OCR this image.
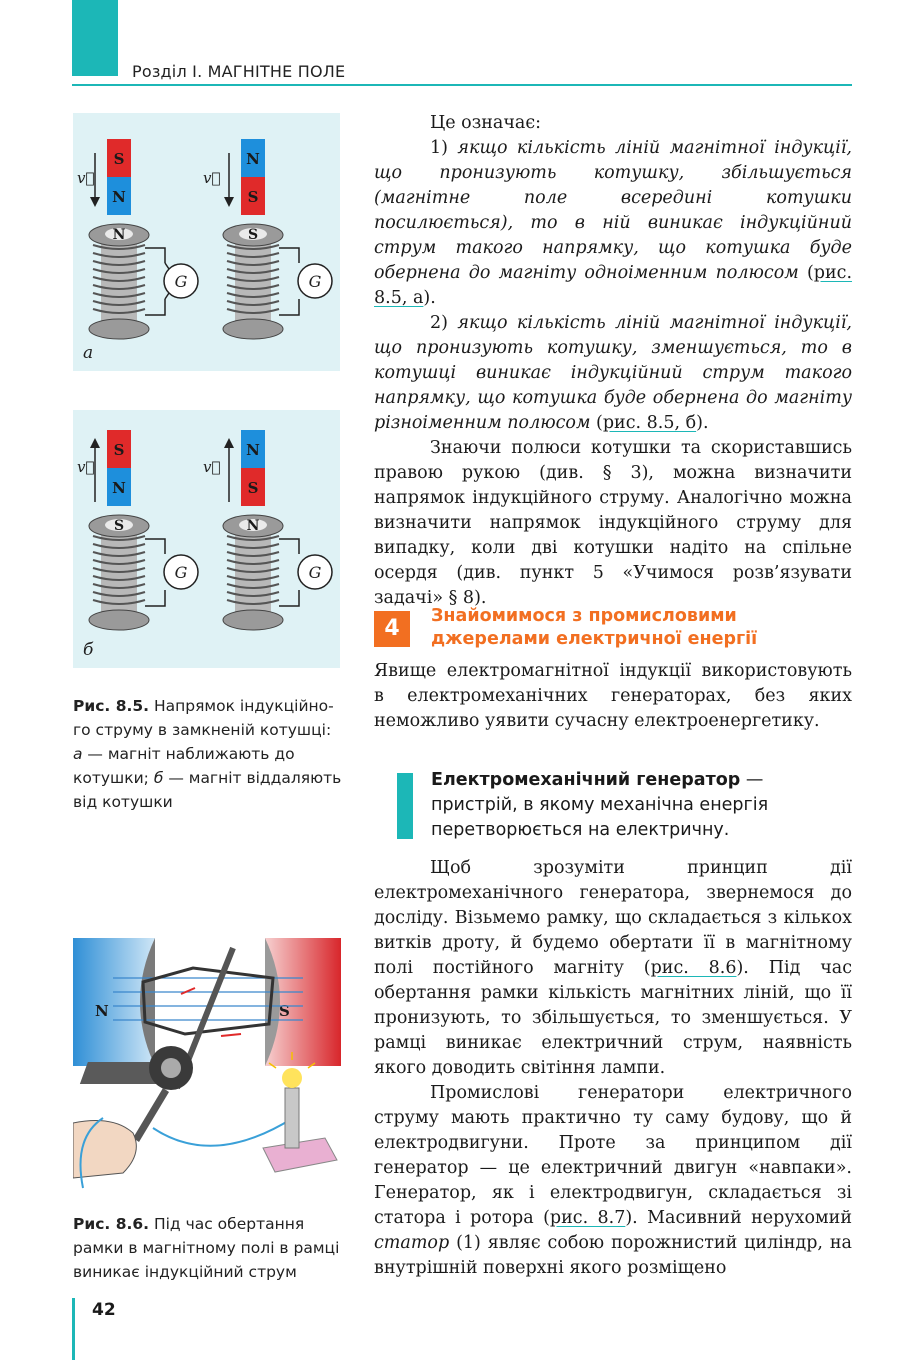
Розділ I. МАГНІТНЕ ПОЛЕ
S
N
v⃗
N
G
N
S
v⃗
S
G
а
S
N
v⃗
S
G
N
S
v⃗
N
G
б
Рис. 8.5. Напрямок індукційного струму в замкненій котушці: а — магніт наближають до котушки; б — магніт віддаляють від котушки
N	S
Рис. 8.6. Під час обертання рамки в магнітному полі в рамці виникає індукційний струм

Це означає:

1) якщо кількість ліній магнітної індукції, що пронизують котушку, збільшується (магнітне поле всередині котушки посилюється), то в ній виникає індукційний струм такого напрямку, що котушка буде обернена до магніту одноіменним полюсом (рис. 8.5, а).

2) якщо кількість ліній магнітної індукції, що пронизують котушку, зменшується, то в котушці виникає індукційний струм такого напрямку, що котушка буде обернена до магніту різноіменним полюсом (рис. 8.5, б).

Знаючи полюси котушки та скориставшись правою рукою (див. § 3), можна визначити напрямок індукційного струму. Аналогічно можна визначити напрямок індукційного струму для випадку, коли дві котушки надіто на спільне осердя (див. пункт 5 «Учимося розв’язувати задачі» § 8).

4	Знайомимося з промисловими джерелами електричної енергії

Явище електромагнітної індукції використовують в електромеханічних генераторах, без яких неможливо уявити сучасну електроенергетику.

Електромеханічний генератор — пристрій, в якому механічна енергія перетворюється на електричну.

Щоб зрозуміти принцип дії електромеханічного генератора, звернемося до досліду. Візьмемо рамку, що складається з кількох витків дроту, й будемо обертати її в магнітному полі постійного магніту (рис. 8.6). Під час обертання рамки кількість магнітних ліній, що її пронизують, то збільшується, то зменшується. У рамці виникає електричний струм, наявність якого доводить світіння лампи.

Промислові генератори електричного струму мають практично ту саму будову, що й електродвигуни. Проте за принципом дії генератор — це електричний двигун «навпаки». Генератор, як і електродвигун, складається зі статора і ротора (рис. 8.7). Масивний нерухомий статор (1) являє собою порожнистий циліндр, на внутрішній поверхні якого розміщено

42
